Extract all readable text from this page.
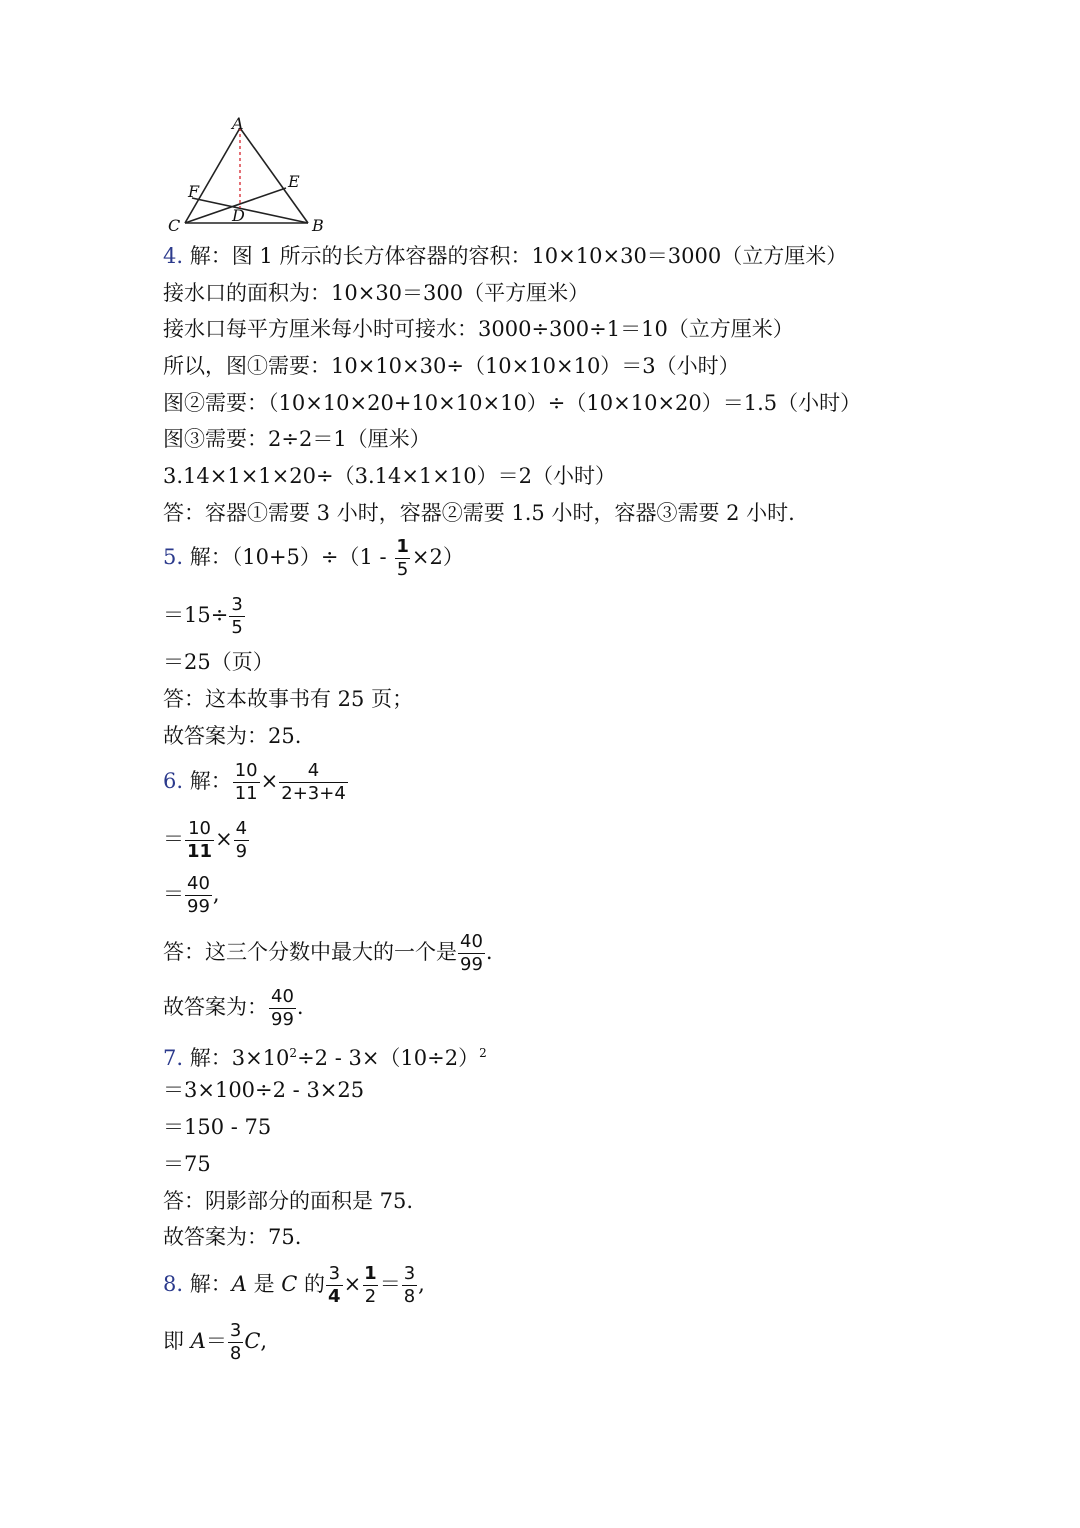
A
F
E
D
C	B
4. 解：图 1 所示的长方体容器的容积：10×10×30＝3000（立方厘米）
接水口的面积为：10×30＝300（平方厘米）
接水口每平方厘米每小时可接水：3000÷300÷1＝10（立方厘米）
所以，图①需要：10×10×30÷（10×10×10）＝3（小时）
图②需要：（10×10×20+10×10×10）÷（10×10×20）＝1.5（小时）
图③需要：2÷2＝1（厘米）
3.14×1×1×20÷（3.14×1×10）＝2（小时）
答：容器①需要 3 小时，容器②需要 1.5 小时，容器③需要 2 小时.
5. 解：$(10+5)\div(1 - \frac{1}{5} \times 2)$
$=15\div \frac{3}{5}$
＝25（页）
答：这本故事书有 25 页；
故答案为：25.
6. 解： $\frac{10}{11} \times \frac{4}{2+3+4}$
＝ $\frac{10}{11} \times \frac{4}{9}$
＝ $\frac{40}{99}$ ,
答：这三个分数中最大的一个是 $\frac{40}{99}$ .
故答案为： $\frac{40}{99}$ .
7. 解：$3\times 10^2\div 2 - 3\times(10\div 2)^2$
＝3×100÷2 - 3×25
＝150 - 75
＝75
答：阴影部分的面积是 75.
故答案为：75.
8. 解：A 是 C 的 $\frac{3}{4} \times \frac{1}{2} = \frac{3}{8}$ ,
即 $A= \frac{3}{8} C$,
